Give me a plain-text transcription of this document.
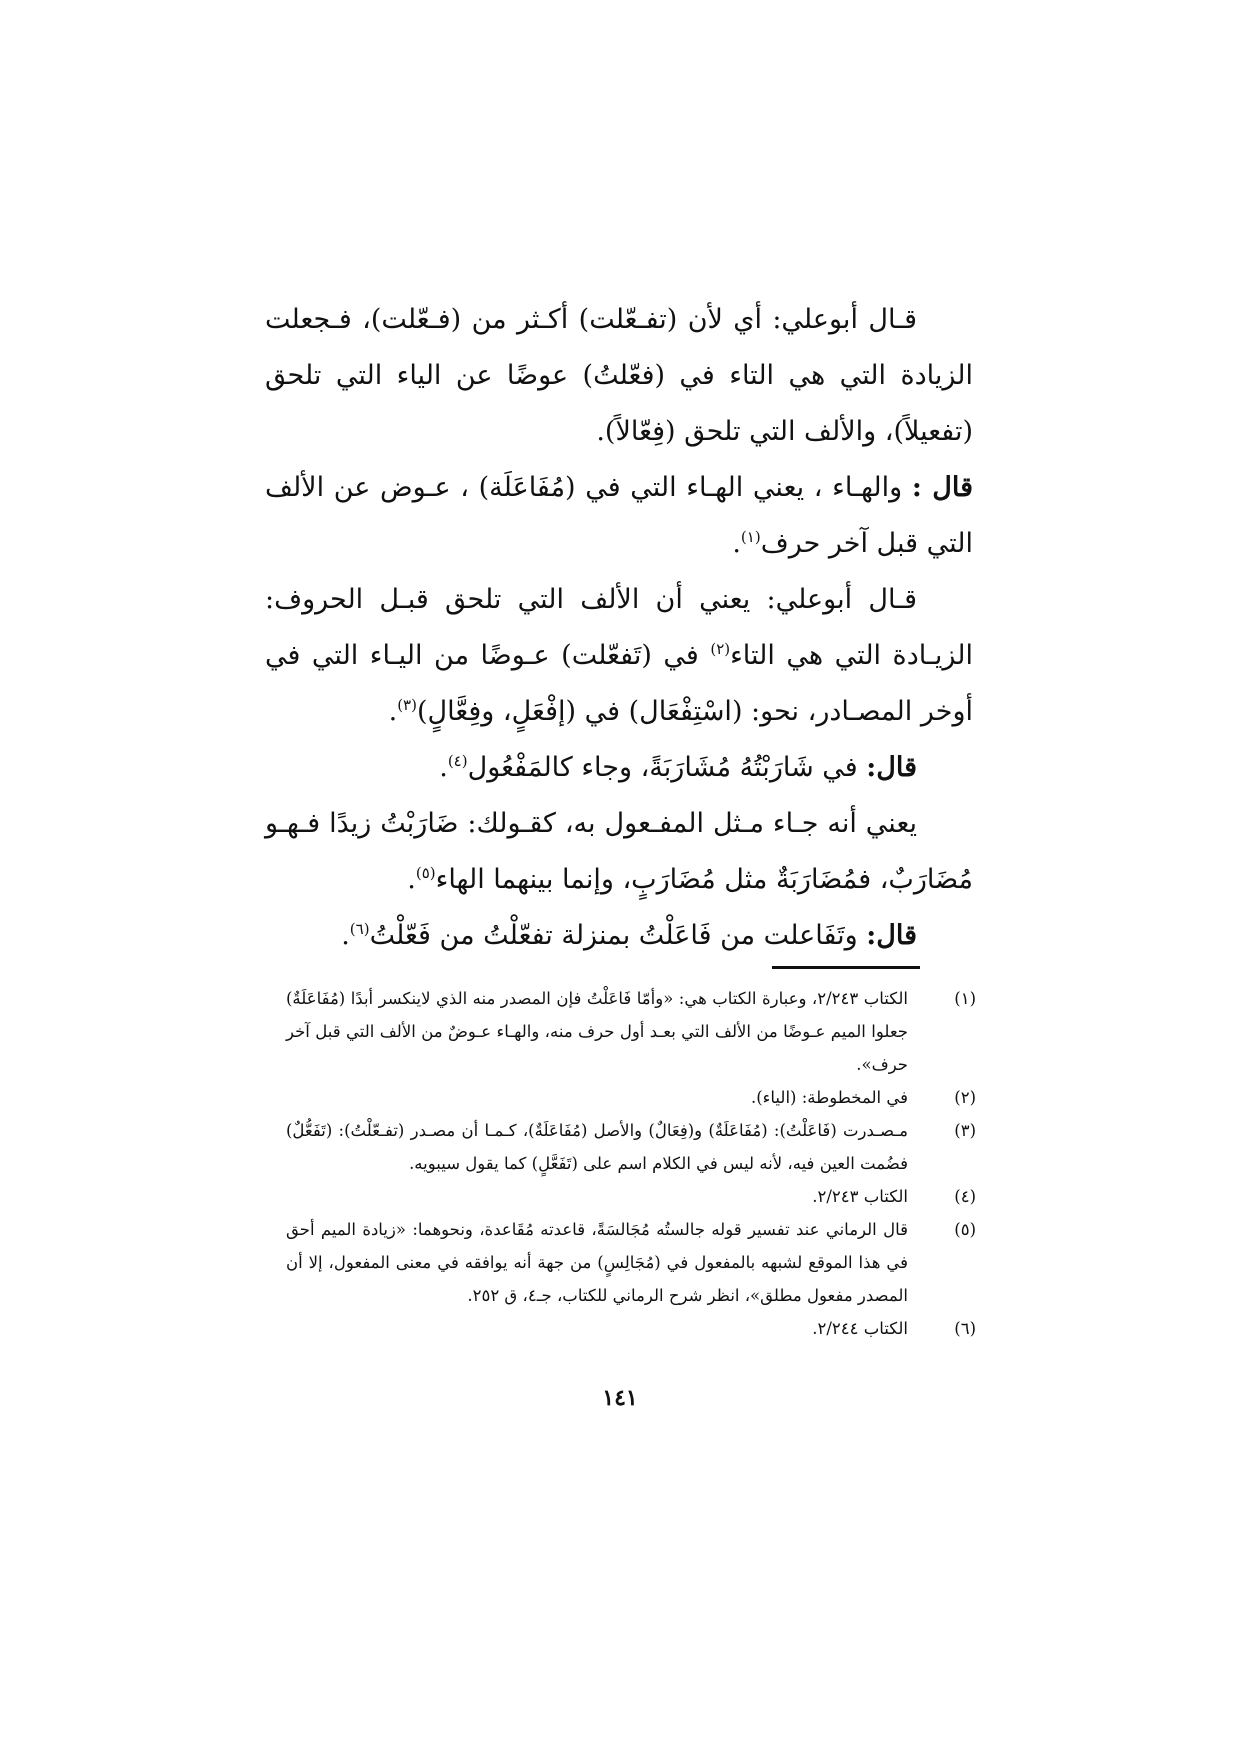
قـال أبوعلي: أي لأن (تفـعّلت) أكـثر من (فـعّلت)، فـجعلت الزيادة التي هي التاء في (فعّلتُ) عوضًا عن الياء التي تلحق (تفعيلاً)، والألف التي تلحق (فِعّالاً).

قال : والهـاء ، يعني الهـاء التي في (مُفَاعَلَة) ، عـوض عن الألف التي قبل آخر حرف$^{(١)}$.

قـال أبوعلي: يعني أن الألف التي تلحق قبـل الحروف: الزيـادة التي هي التاء$^{(٢)}$ في (تَفعّلت) عـوضًا من اليـاء التي في أوخر المصـادر، نحو: (اسْتِفْعَال) في (إفْعَلٍ، وفِعَّالٍ)$^{(٣)}$.

قال: في شَارَبْتُهُ مُشَارَبَةً، وجاء كالمَفْعُول$^{(٤)}$.

يعني أنه جـاء مـثل المفـعول به، كقـولك: ضَارَبْتُ زيدًا فـهـو مُضَارَبٌ، فمُضَارَبَةٌ مثل مُضَارَبٍ، وإنما بينهما الهاء$^{(٥)}$.

قال: وتَفَاعلت من فَاعَلْتُ بمنزلة تفعّلْتُ من فَعّلْتُ$^{(٦)}$.

(١)
الكتاب ٢/٢٤٣، وعبارة الكتاب هي: «وأمّا فَاعَلْتُ فإن المصدر منه الذي لاينكسر أبدًا (مُفَاعَلَةٌ) جعلوا الميم عـوضًا من الألف التي بعـد أول حرف منه، والهـاء عـوضٌ من الألف التي قبل آخر حرف».
(٢)
في المخطوطة: (الياء).
(٣)
مـصـدرت (فَاعَلْتُ): (مُفَاعَلَةٌ) و(فِعَالٌ) والأصل (مُفَاعَلَةٌ)، كـمـا أن مصـدر (تفـعّلْتُ): (تَفَعُّلٌ) فضُمت العين فيه، لأنه ليس في الكلام اسم على (تَفَعَّلٍ) كما يقول سيبويه.
(٤)
الكتاب ٢/٢٤٣.
(٥)
قال الرماني عند تفسير قوله جالستُه مُجَالسَةً، قاعدته مُقَاعدة، ونحوهما: «زيادة الميم أحق في هذا الموقع لشبهه بالمفعول في (مُجَالِسٍ) من جهة أنه يوافقه في معنى المفعول، إلا أن المصدر مفعول مطلق»، انظر شرح الرماني للكتاب، جـ٤، ق ٢٥٢.
(٦)
الكتاب ٢/٢٤٤.
١٤١
